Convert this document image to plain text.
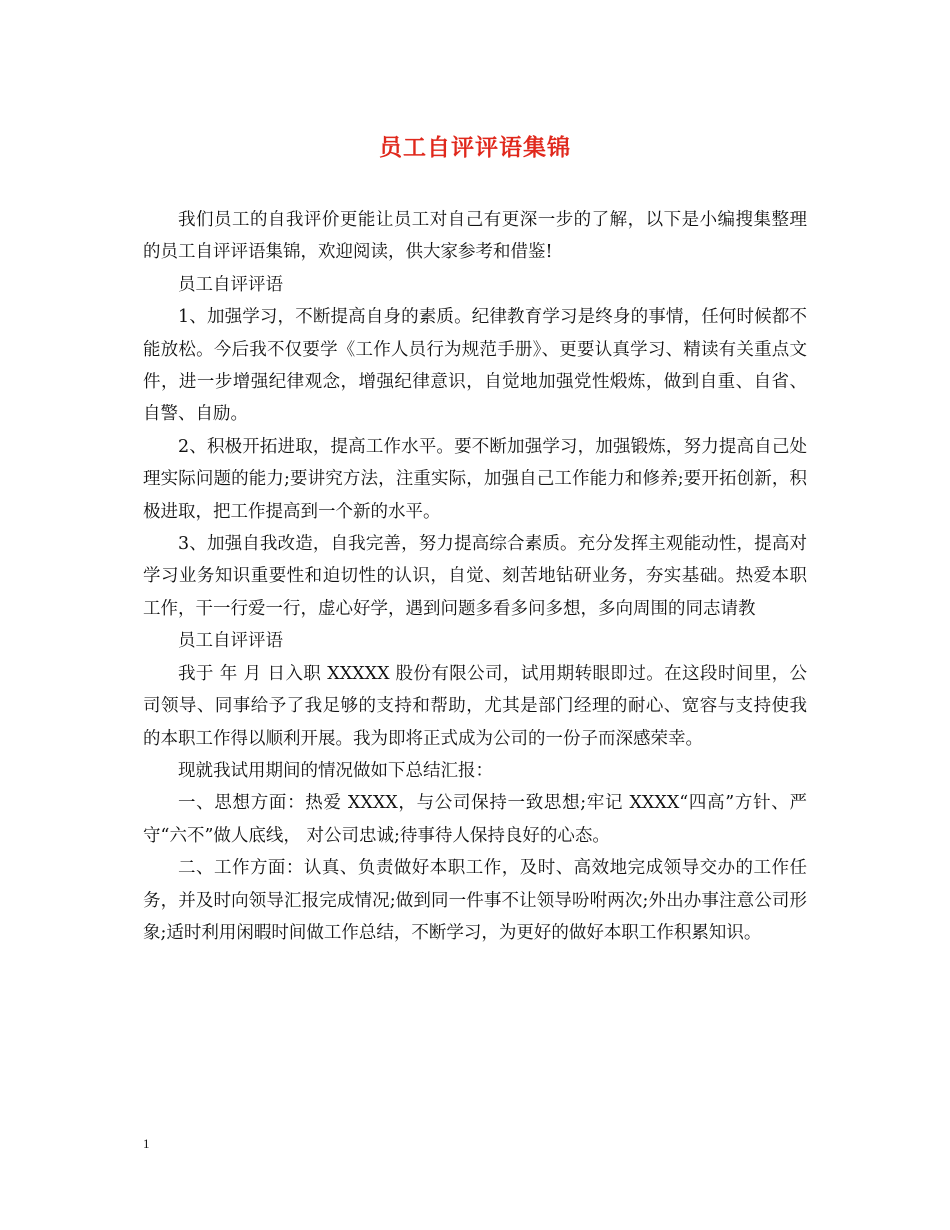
员工自评评语集锦

我们员工的自我评价更能让员工对自己有更深一步的了解，以下是小编搜集整理的员工自评评语集锦，欢迎阅读，供大家参考和借鉴!

员工自评评语

1、加强学习，不断提高自身的素质。纪律教育学习是终身的事情，任何时候都不能放松。今后我不仅要学《工作人员行为规范手册》、更要认真学习、精读有关重点文件，进一步增强纪律观念，增强纪律意识，自觉地加强党性煅炼，做到自重、自省、自警、自励。

2、积极开拓进取，提高工作水平。要不断加强学习，加强锻炼，努力提高自己处理实际问题的能力;要讲究方法，注重实际，加强自己工作能力和修养;要开拓创新，积极进取，把工作提高到一个新的水平。

3、加强自我改造，自我完善，努力提高综合素质。充分发挥主观能动性，提高对学习业务知识重要性和迫切性的认识，自觉、刻苦地钻研业务，夯实基础。热爱本职工作，干一行爱一行，虚心好学，遇到问题多看多问多想，多向周围的同志请教

员工自评评语

我于 年 月 日入职 XXXXX 股份有限公司，试用期转眼即过。在这段时间里，公司领导、同事给予了我足够的支持和帮助，尤其是部门经理的耐心、宽容与支持使我的本职工作得以顺利开展。我为即将正式成为公司的一份子而深感荣幸。

现就我试用期间的情况做如下总结汇报：

一、思想方面：热爱 XXXX，与公司保持一致思想;牢记 XXXX“四高”方针、严守“六不”做人底线， 对公司忠诚;待事待人保持良好的心态。

二、工作方面：认真、负责做好本职工作，及时、高效地完成领导交办的工作任务，并及时向领导汇报完成情况;做到同一件事不让领导吩咐两次;外出办事注意公司形象;适时利用闲暇时间做工作总结，不断学习，为更好的做好本职工作积累知识。

1
